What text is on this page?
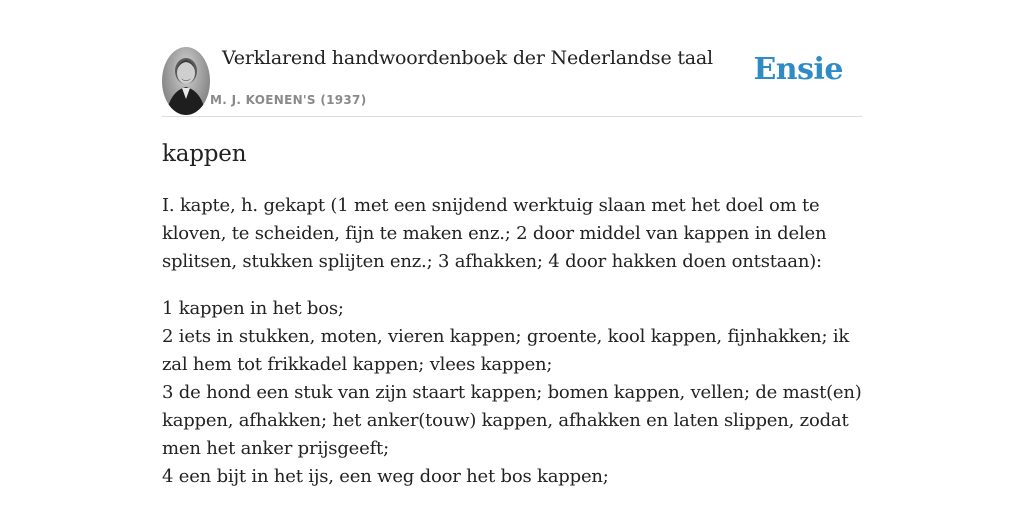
Verklarend handwoordenboek der Nederlandse taal
M. J. KOENEN'S (1937)
Ensie
kappen

I. kapte, h. gekapt (1 met een snijdend werktuig slaan met het doel om te kloven, te scheiden, fijn te maken enz.; 2 door middel van kappen in delen splitsen, stukken splijten enz.; 3 afhakken; 4 door hakken doen ontstaan):

1 kappen in het bos;
2 iets in stukken, moten, vieren kappen; groente, kool kappen, fijnhakken; ik zal hem tot frikkadel kappen; vlees kappen;
3 de hond een stuk van zijn staart kappen; bomen kappen, vellen; de mast(en) kappen, afhakken; het anker(touw) kappen, afhakken en laten slippen, zodat men het anker prijsgeeft;
4 een bijt in het ijs, een weg door het bos kappen;
